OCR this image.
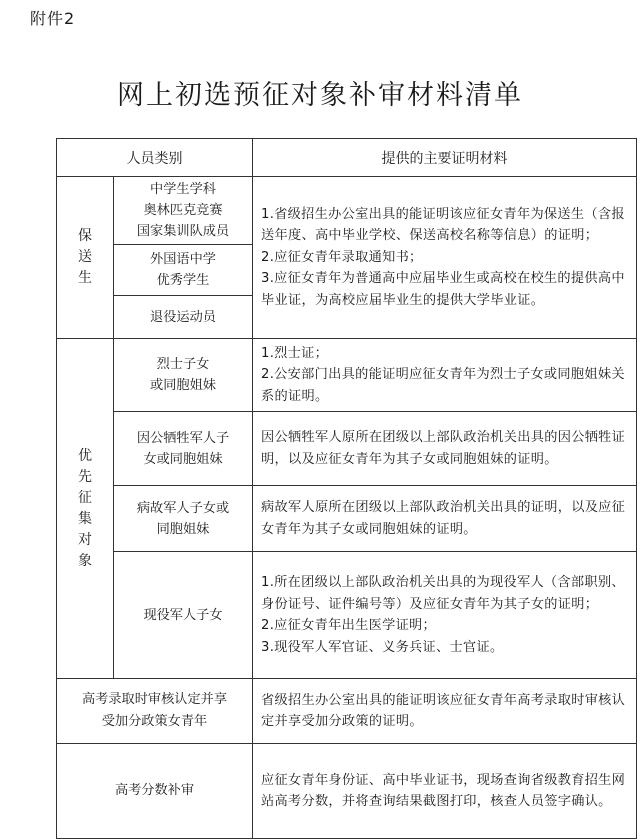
附件2
网上初选预征对象补审材料清单
人员类别		提供的主要证明材料
保送生	中学生学科
奥林匹克竞赛
国家集训队成员	1.省级招生办公室出具的能证明该应征女青年为保送生（含报送年度、高中毕业学校、保送高校名称等信息）的证明；
2.应征女青年录取通知书；
3.应征女青年为普通高中应届毕业生或高校在校生的提供高中毕业证，为高校应届毕业生的提供大学毕业证。

	外国语中学
优秀学生	

	退役运动员	

优先征集对象	烈士子女
或同胞姐妹	1.烈士证；
2.公安部门出具的能证明应征女青年为烈士子女或同胞姐妹关系的证明。

	因公牺牲军人子
女或同胞姐妹	因公牺牲军人原所在团级以上部队政治机关出具的因公牺牲证明，以及应征女青年为其子女或同胞姐妹的证明。

	病故军人子女或
同胞姐妹	病故军人原所在团级以上部队政治机关出具的证明，以及应征女青年为其子女或同胞姐妹的证明。

	现役军人子女	1.所在团级以上部队政治机关出具的为现役军人（含部职别、身份证号、证件编号等）及应征女青年为其子女的证明；
2.应征女青年出生医学证明；
3.现役军人军官证、义务兵证、士官证。

高考录取时审核认定并享
受加分政策女青年		省级招生办公室出具的能证明该应征女青年高考录取时审核认定并享受加分政策的证明。

高考分数补审		应征女青年身份证、高中毕业证书，现场查询省级教育招生网站高考分数，并将查询结果截图打印，核查人员签字确认。
